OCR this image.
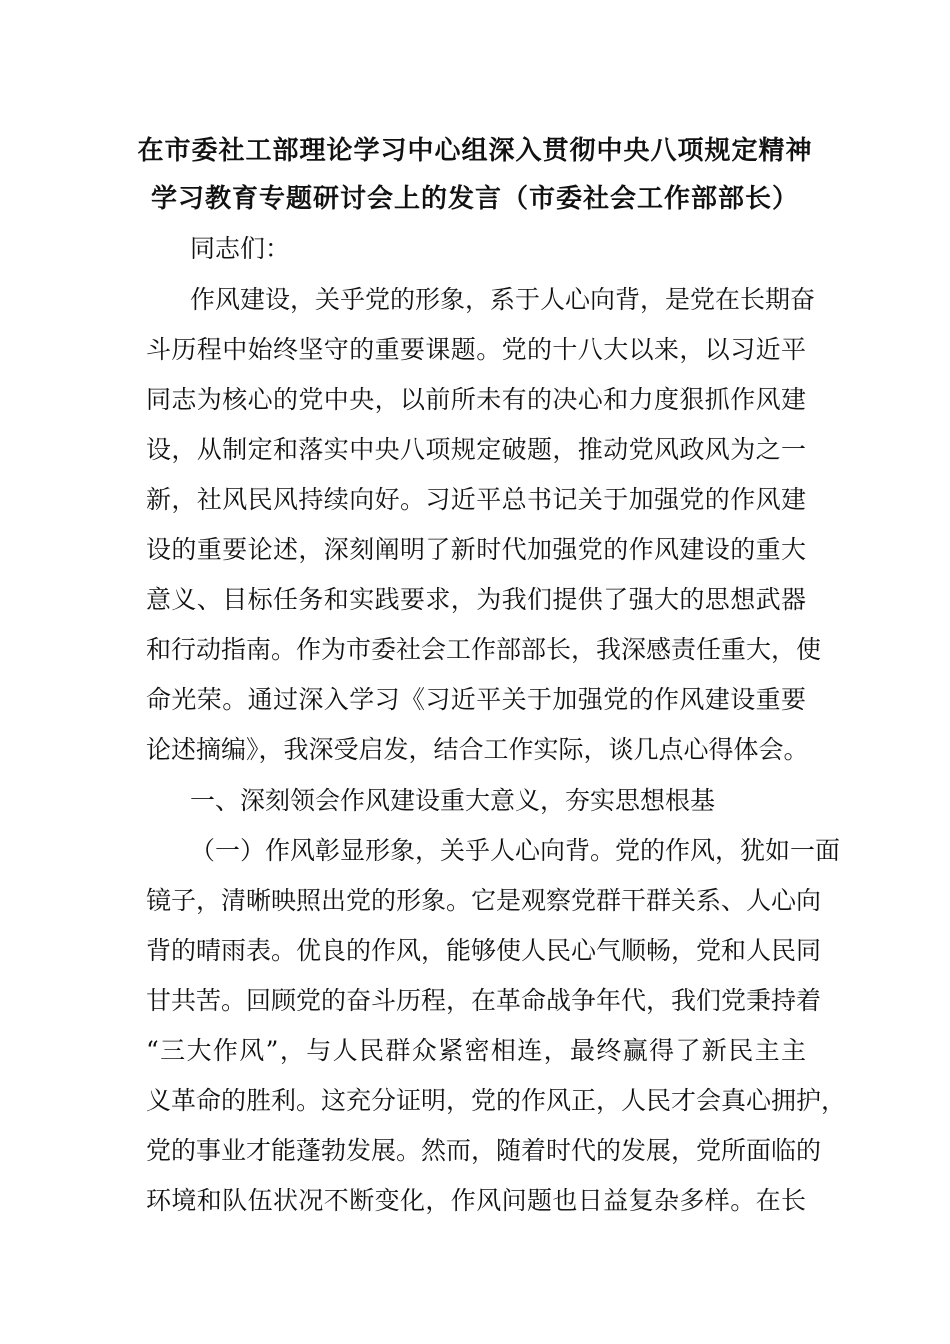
在市委社工部理论学习中心组深入贯彻中央八项规定精神
学习教育专题研讨会上的发言（市委社会工作部部长）
同志们：
作风建设，关乎党的形象，系于人心向背，是党在长期奋
斗历程中始终坚守的重要课题。党的十八大以来，以习近平
同志为核心的党中央，以前所未有的决心和力度狠抓作风建
设，从制定和落实中央八项规定破题，推动党风政风为之一
新，社风民风持续向好。习近平总书记关于加强党的作风建
设的重要论述，深刻阐明了新时代加强党的作风建设的重大
意义、目标任务和实践要求，为我们提供了强大的思想武器
和行动指南。作为市委社会工作部部长，我深感责任重大，使
命光荣。通过深入学习《习近平关于加强党的作风建设重要
论述摘编》，我深受启发，结合工作实际，谈几点心得体会。
一、深刻领会作风建设重大意义，夯实思想根基
（一）作风彰显形象，关乎人心向背。党的作风，犹如一面
镜子，清晰映照出党的形象。它是观察党群干群关系、人心向
背的晴雨表。优良的作风，能够使人民心气顺畅，党和人民同
甘共苦。回顾党的奋斗历程，在革命战争年代，我们党秉持着
“三大作风”，与人民群众紧密相连，最终赢得了新民主主
义革命的胜利。这充分证明，党的作风正，人民才会真心拥护，
党的事业才能蓬勃发展。然而，随着时代的发展，党所面临的
环境和队伍状况不断变化，作风问题也日益复杂多样。在长
